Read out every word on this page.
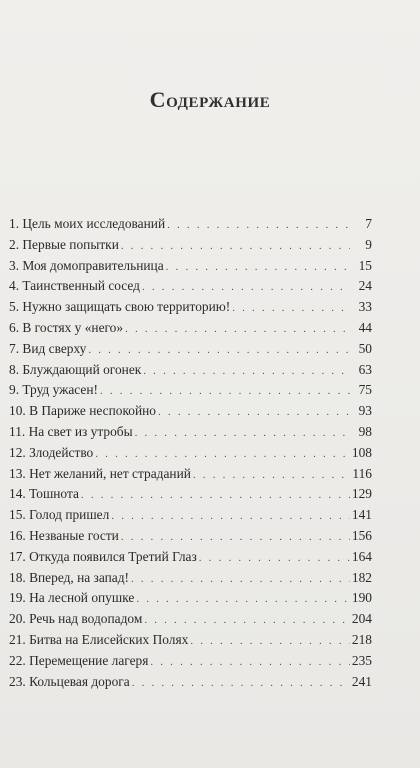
Содержание
1. Цель моих исследований . . .	7
2. Первые попытки . . .	9
3. Моя домоправительница . . .	15
4. Таинственный сосед . . .	24
5. Нужно защищать свою территорию! . . .	33
6. В гостях у «него» . . .	44
7. Вид сверху . . .	50
8. Блуждающий огонек . . .	63
9. Труд ужасен! . . .	75
10. В Париже неспокойно . . .	93
11. На свет из утробы . . .	98
12. Злодейство . . .	108
13. Нет желаний, нет страданий . . .	116
14. Тошнота . . .	129
15. Голод пришел . . .	141
16. Незваные гости . . .	156
17. Откуда появился Третий Глаз . . .	164
18. Вперед, на запад! . . .	182
19. На лесной опушке . . .	190
20. Речь над водопадом . . .	204
21. Битва на Елисейских Полях . . .	218
22. Перемещение лагеря . . .	235
23. Кольцевая дорога . . .	241
